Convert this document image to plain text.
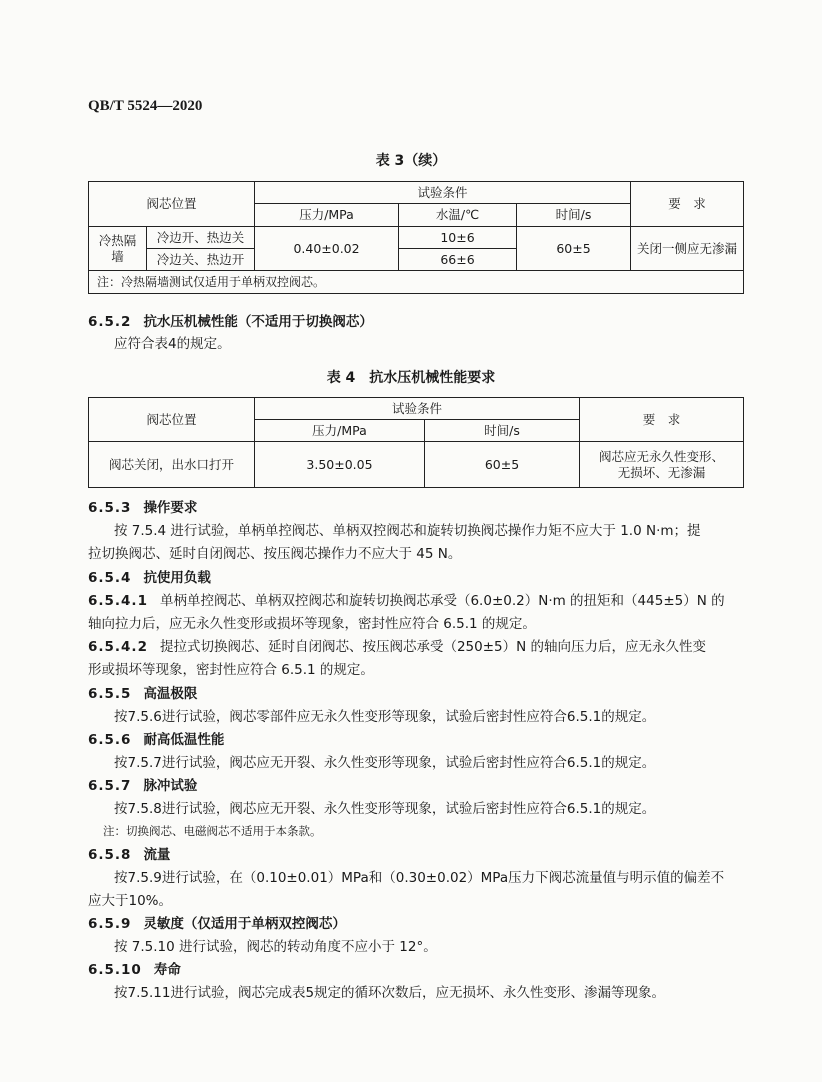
QB/T 5524—2020
表 3（续）
阀芯位置		试验条件			要　求
		压力/MPa	水温/℃	时间/s	
冷热隔墙	冷边开、热边关	0.40±0.02	10±6	60±5	关闭一侧应无渗漏
	冷边关、热边开		66±6		
注：冷热隔墙测试仅适用于单柄双控阀芯。					
6.5.2 抗水压机械性能（不适用于切换阀芯）
应符合表4的规定。
表 4　抗水压机械性能要求
阀芯位置	试验条件		要　求
	压力/MPa	时间/s	
阀芯关闭，出水口打开	3.50±0.05	60±5	阀芯应无永久性变形、
无损坏、无渗漏
6.5.3 操作要求
按 7.5.4 进行试验，单柄单控阀芯、单柄双控阀芯和旋转切换阀芯操作力矩不应大于 1.0 N·m；提
拉切换阀芯、延时自闭阀芯、按压阀芯操作力不应大于 45 N。
6.5.4 抗使用负载
6.5.4.1 单柄单控阀芯、单柄双控阀芯和旋转切换阀芯承受（6.0±0.2）N·m 的扭矩和（445±5）N 的
轴向拉力后，应无永久性变形或损坏等现象，密封性应符合 6.5.1 的规定。
6.5.4.2 提拉式切换阀芯、延时自闭阀芯、按压阀芯承受（250±5）N 的轴向压力后，应无永久性变
形或损坏等现象，密封性应符合 6.5.1 的规定。
6.5.5 高温极限
按7.5.6进行试验，阀芯零部件应无永久性变形等现象，试验后密封性应符合6.5.1的规定。
6.5.6 耐高低温性能
按7.5.7进行试验，阀芯应无开裂、永久性变形等现象，试验后密封性应符合6.5.1的规定。
6.5.7 脉冲试验
按7.5.8进行试验，阀芯应无开裂、永久性变形等现象，试验后密封性应符合6.5.1的规定。
注：切换阀芯、电磁阀芯不适用于本条款。
6.5.8 流量
按7.5.9进行试验，在（0.10±0.01）MPa和（0.30±0.02）MPa压力下阀芯流量值与明示值的偏差不
应大于10%。
6.5.9 灵敏度（仅适用于单柄双控阀芯）
按 7.5.10 进行试验，阀芯的转动角度不应小于 12°。
6.5.10 寿命
按7.5.11进行试验，阀芯完成表5规定的循环次数后，应无损坏、永久性变形、渗漏等现象。
